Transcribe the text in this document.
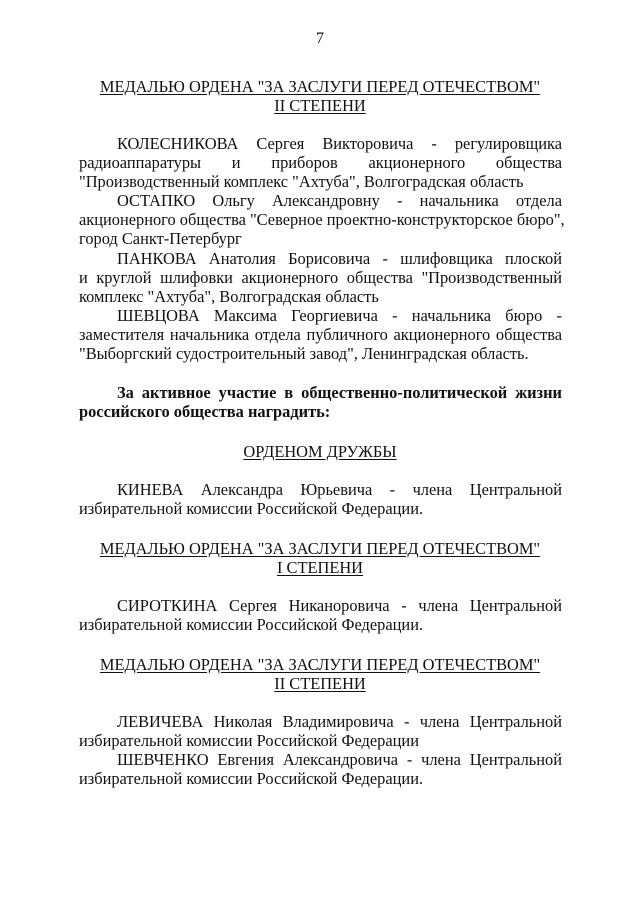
7
МЕДАЛЬЮ ОРДЕНА "ЗА ЗАСЛУГИ ПЕРЕД ОТЕЧЕСТВОМ"
II СТЕПЕНИ
КОЛЕСНИКОВА Сергея Викторовича - регулировщика
радиоаппаратуры и приборов акционерного общества
"Производственный комплекс "Ахтуба", Волгоградская область
ОСТАПКО Ольгу Александровну - начальника отдела
акционерного общества "Северное проектно-конструкторское бюро",
город Санкт-Петербург
ПАНКОВА Анатолия Борисовича - шлифовщика плоской
и круглой шлифовки акционерного общества "Производственный
комплекс "Ахтуба", Волгоградская область
ШЕВЦОВА Максима Георгиевича - начальника бюро -
заместителя начальника отдела публичного акционерного общества
"Выборгский судостроительный завод", Ленинградская область.
За активное участие в общественно-политической жизни
российского общества наградить:
ОРДЕНОМ ДРУЖБЫ
КИНЕВА Александра Юрьевича - члена Центральной
избирательной комиссии Российской Федерации.
МЕДАЛЬЮ ОРДЕНА "ЗА ЗАСЛУГИ ПЕРЕД ОТЕЧЕСТВОМ"
I СТЕПЕНИ
СИРОТКИНА Сергея Никаноровича - члена Центральной
избирательной комиссии Российской Федерации.
МЕДАЛЬЮ ОРДЕНА "ЗА ЗАСЛУГИ ПЕРЕД ОТЕЧЕСТВОМ"
II СТЕПЕНИ
ЛЕВИЧЕВА Николая Владимировича - члена Центральной
избирательной комиссии Российской Федерации
ШЕВЧЕНКО Евгения Александровича - члена Центральной
избирательной комиссии Российской Федерации.
